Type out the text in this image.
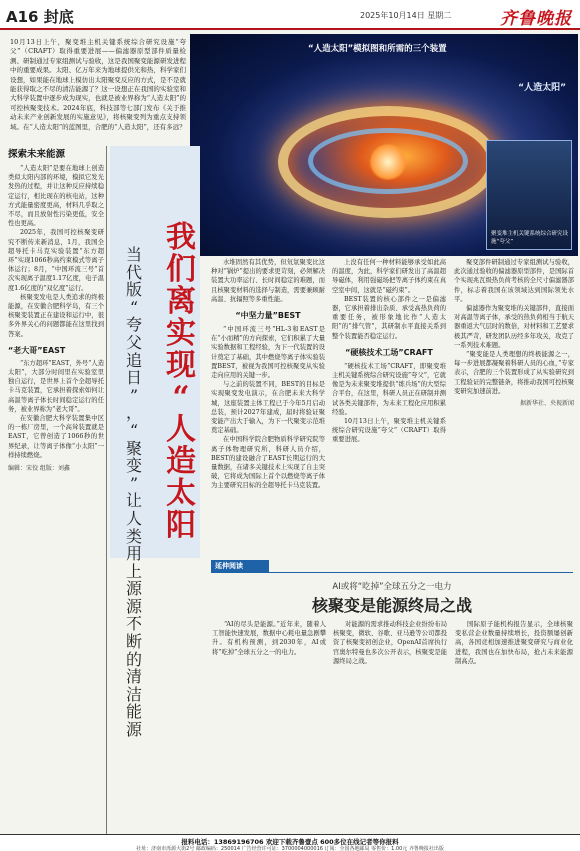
A16 封底	2025年10月14日 星期二	齐鲁晚报
10月13日上午，聚变堆主机关键系统综合研究设施“夸父”（CRAFT）取得重要进展——偏滤器原型部件质量检测、研制通过专家组测试与验收，这是我国聚变能源研发进程中的重要成果。太阳、亿万年来为地球提供光和热，科学家们设想，如果能在地球上模仿出太阳聚变反应的方式，是不是就能获得取之不尽的清洁能源了？这一设想正在我国的实验室和大科学装置中逐步成为现实，也就是被业界称为“人造太阳”的可控核聚变技术。2024年底，科技部等七部门发布《关于推动未来产业创新发展的实施意见》，将核聚变列为重点支持领域。在“人造太阳”的蓝图里，合肥的“人造太阳”，还有多远？
“人造太阳”模拟图和所需的三个装置
“人造太阳”
聚变堆主机关键系统综合研究设施“夸父”
探索未来能源

“人造太阳”是要在地球上创造类似太阳内部的环境，模拟它发光发热的过程，并让这种反应持续稳定运行，相比现在的核电站，这种方式能量密度更高，材料几乎取之不尽，而且放射性污染更低，安全性也更高。

2025年，我国可控核聚变研究不断传来新消息，1月，我国全超导托卡马克实验装置“东方超环”实现1066秒高约束模式等离子体运行；8月，“中国环流三号”首次实现离子温度1.17亿度，电子温度1.6亿度的“双亿度”运行。

核聚变发电是人类追求的终极能源，在安徽合肥科学岛，有三个核聚变装置正在建设和运行中，很多外界关心的问题都能在这里找到答案。

“老大哥”EAST

“东方超环”EAST，外号“人造太阳”，大部分时间里在实验室里独自运行，是世界上首个全超导托卡马克装置，它承担着探索如何让高温等离子体长时间稳定运行的任务，被业界称为“老大哥”。

在安徽合肥大科学装置集中区的一栋厂房里，一个高耸装置就是EAST，它曾创造了1066秒的世界纪录，让等离子体像“小太阳”一样持续燃烧。

编辑：宋佼 组版：刘鑫
我
们
离
实
现
“
人
造
太
阳
当
代
版
“
夸
父
追
日
”
，
“
聚
变
”
让
人
类
用
上
源
源
不
断
的
清
洁
能
源

水堆固然有其优势，但氘氚聚变比这种对“锅炉”提出的要求更苛刻，必须解决装置大功率运行、长时间稳定的难题，而且核聚变材料的选择与制造，需要兼顾耐高温、抗辐照等多重性能。

“中坚力量”BEST

“中国环流三号”HL-3和EAST是在“小而精”的方向探索，它们积累了大量实验数据和工程经验，为下一代装置的设计奠定了基础，其中燃烧等离子体实验装置BEST，被视为我国可控核聚变从实验走向应用的关键一步。

与之前的装置不同，BEST的目标是实现聚变发电演示，在合肥未来大科学城，这座装置主体工程已于今年5月启动总装，预计2027年建成，届时将验证聚变能产出大于输入，为下一代聚变示范堆奠定基础。

在中国科学院合肥物质科学研究院等离子体物理研究所，科研人员介绍，BEST的建设融合了EAST长期运行的大量数据，在诸多关键技术上实现了自主突破，它将成为国际上首个以燃烧等离子体为主要研究目标的全超导托卡马克装置。

上没有任何一种材料能够承受如此高的温度，为此，科学家们研发出了高温超导磁体，利用强磁场把等离子体约束在真空室中间，这就是“磁约束”。

BEST装置的核心部件之一是偏滤器，它承担着排出杂质、承受高热负荷的重要任务，被形象地比作“人造太阳”的“排气管”，其研制水平直接关系到整个装置能否稳定运行。

“硬核技术工场”CRAFT

“硬核技术工场”CRAFT，即聚变堆主机关键系统综合研究设施“夸父”，它就像是为未来聚变堆提供“练兵场”的大型综合平台，在这里，科研人员正在研制并测试各类关键部件，为未来工程化应用积累经验。

10月13日上午，聚变堆主机关键系统综合研究设施“夸父”（CRAFT）取得重要进展。

聚变部件研制通过专家组测试与验收，此次通过验收的偏滤器原型部件，是国际首个实现兆瓦级热负荷考核的全尺寸偏滤器部件，标志着我国在该领域达到国际领先水平。

偏滤器作为聚变堆的关键部件，直接面对高温等离子体，承受的热负荷相当于航天器重返大气层时的数倍，对材料和工艺要求极其严苛，研发团队历经多年攻关，攻克了一系列技术难题。

“聚变能是人类理想的终极能源之一，每一步进展都凝聚着科研人员的心血，”专家表示，合肥的三个装置形成了从实验研究到工程验证的完整链条，将推动我国可控核聚变研究加速前进。

据新华社、央视新闻
延伸阅读
AI或将“吃掉”全球五分之一电力
核聚变是能源终局之战

“AI的尽头是能源。”近年来，随着人工智能快速发展，数据中心耗电量急剧攀升。有机构预测，到2030年，AI或将“吃掉”全球五分之一的电力。

对能源的需求推动科技企业纷纷布局核聚变，微软、谷歌、亚马逊等公司都投资了核聚变初创企业，OpenAI首席执行官奥尔特曼也多次公开表示，核聚变是能源终局之战。

国际原子能机构报告显示，全球核聚变私营企业数量持续增长，投资额屡创新高，各国竞相加速推进聚变研究与商业化进程，我国也在加快布局，抢占未来能源制高点。

报料电话：13869196706 欢迎下载齐鲁壹点 600多位在线记者等你报料
社址：济南市泺源大街2号 邮政编码：250014 广告经营许可证：3700004000016 订阅：全国各地邮局 零售价：1.00元 齐鲁晚报社出版
